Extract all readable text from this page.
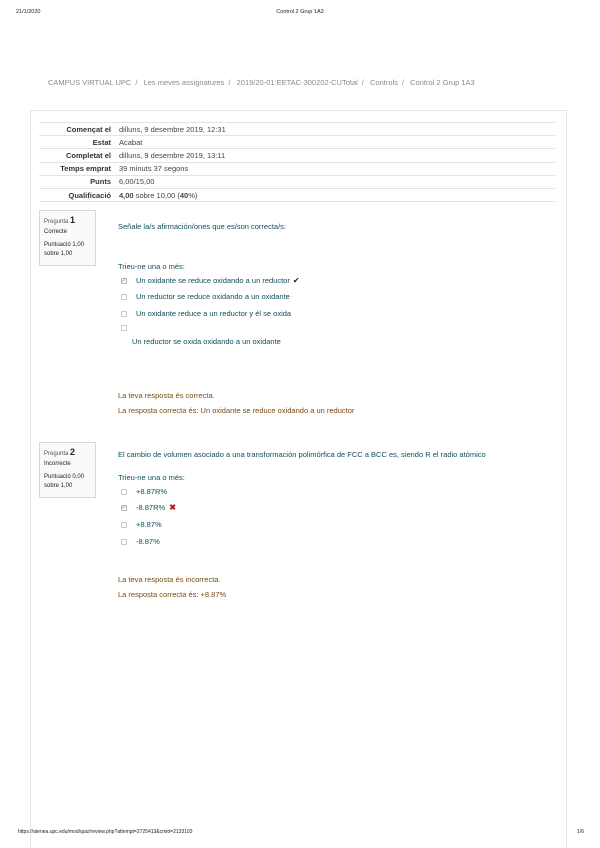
21/1/2020	Control 2 Grup 1A3
CAMPUS VIRTUAL UPC / Les meves assignatures / 2019/20-01:EETAC-300202-CUTotal / Controls / Control 2 Grup 1A3
Començat el	dilluns, 9 desembre 2019, 12:31
Estat	Acabat
Completat el	dilluns, 9 desembre 2019, 13:11
Temps emprat	39 minuts 37 segons
Punts	6,00/15,00
Qualificació	4,00 sobre 10,00 (40%)
Pregunta 1
Correcte
Puntuació 1,00
sobre 1,00
Señale la/s afirmación/ones que es/son correcta/s:
Trieu-ne una o més:
✔
Un oxidante se reduce oxidando a un reductor ✔
Un reductor se reduce oxidando a un oxidante
Un oxidante reduce a un reductor y él se oxida
Un reductor se oxida oxidando a un oxidante
La teva resposta és correcta.
La resposta correcta és: Un oxidante se reduce oxidando a un reductor
Pregunta 2
Incorrecte
Puntuació 0,00
sobre 1,00
El cambio de volumen asociado a una transformación polimórfica de FCC a BCC es, siendo R el radio atómico
Trieu-ne una o més:
+8.87R%
✔
-8.87R% ✖
+8.87%
-8.87%
La teva resposta és incorrecta.
La resposta correcta és: +8.87%
https://atenea.upc.edu/mod/quiz/review.php?attempt=2725413&cmid=2133103	1/6
